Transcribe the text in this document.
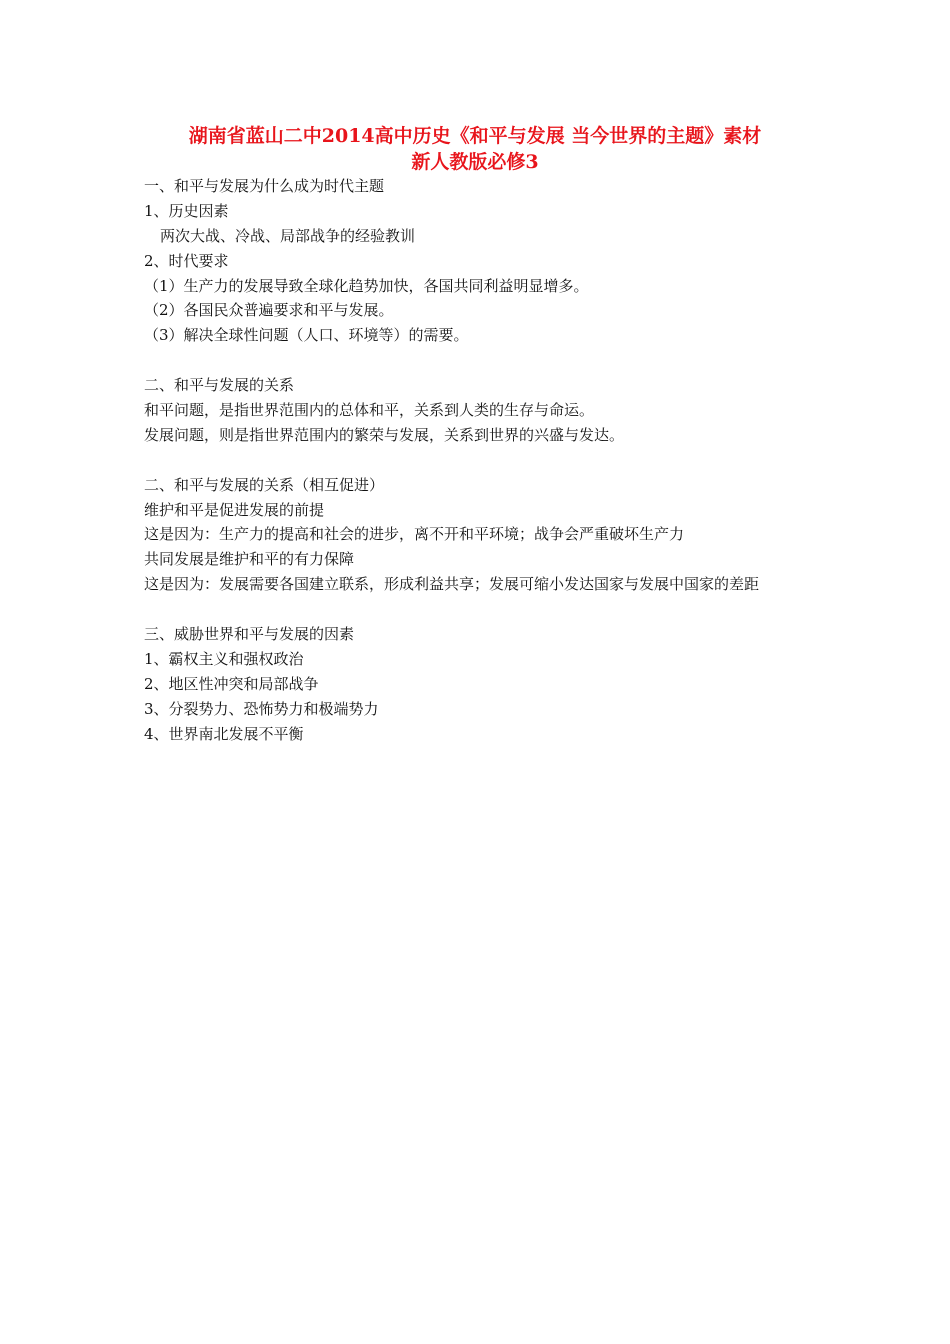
湖南省蓝山二中2014高中历史《和平与发展 当今世界的主题》素材
新人教版必修3
一、和平与发展为什么成为时代主题
1、历史因素
两次大战、冷战、局部战争的经验教训
2、时代要求
（1）生产力的发展导致全球化趋势加快，各国共同利益明显增多。
（2）各国民众普遍要求和平与发展。
（3）解决全球性问题（人口、环境等）的需要。
二、和平与发展的关系
和平问题，是指世界范围内的总体和平，关系到人类的生存与命运。
发展问题，则是指世界范围内的繁荣与发展，关系到世界的兴盛与发达。
二、和平与发展的关系（相互促进）
维护和平是促进发展的前提
这是因为：生产力的提高和社会的进步，离不开和平环境；战争会严重破坏生产力
共同发展是维护和平的有力保障
这是因为：发展需要各国建立联系，形成利益共享；发展可缩小发达国家与发展中国家的差距
三、威胁世界和平与发展的因素
1、霸权主义和强权政治
2、地区性冲突和局部战争
3、分裂势力、恐怖势力和极端势力
4、世界南北发展不平衡
